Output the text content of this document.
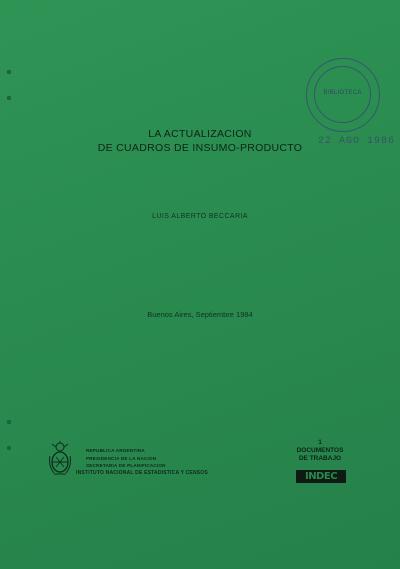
BIBLIOTECA
22 AGO 1986
LA ACTUALIZACION
DE CUADROS DE INSUMO-PRODUCTO
LUIS ALBERTO BECCARIA
Buenos Aires, Septiembre 1984
REPUBLICA ARGENTINA
PRESIDENCIA DE LA NACION
SECRETARIA DE PLANIFICACION
INSTITUTO NACIONAL DE ESTADISTICA Y CENSOS
1
DOCUMENTOS
DE TRABAJO
INDEC
